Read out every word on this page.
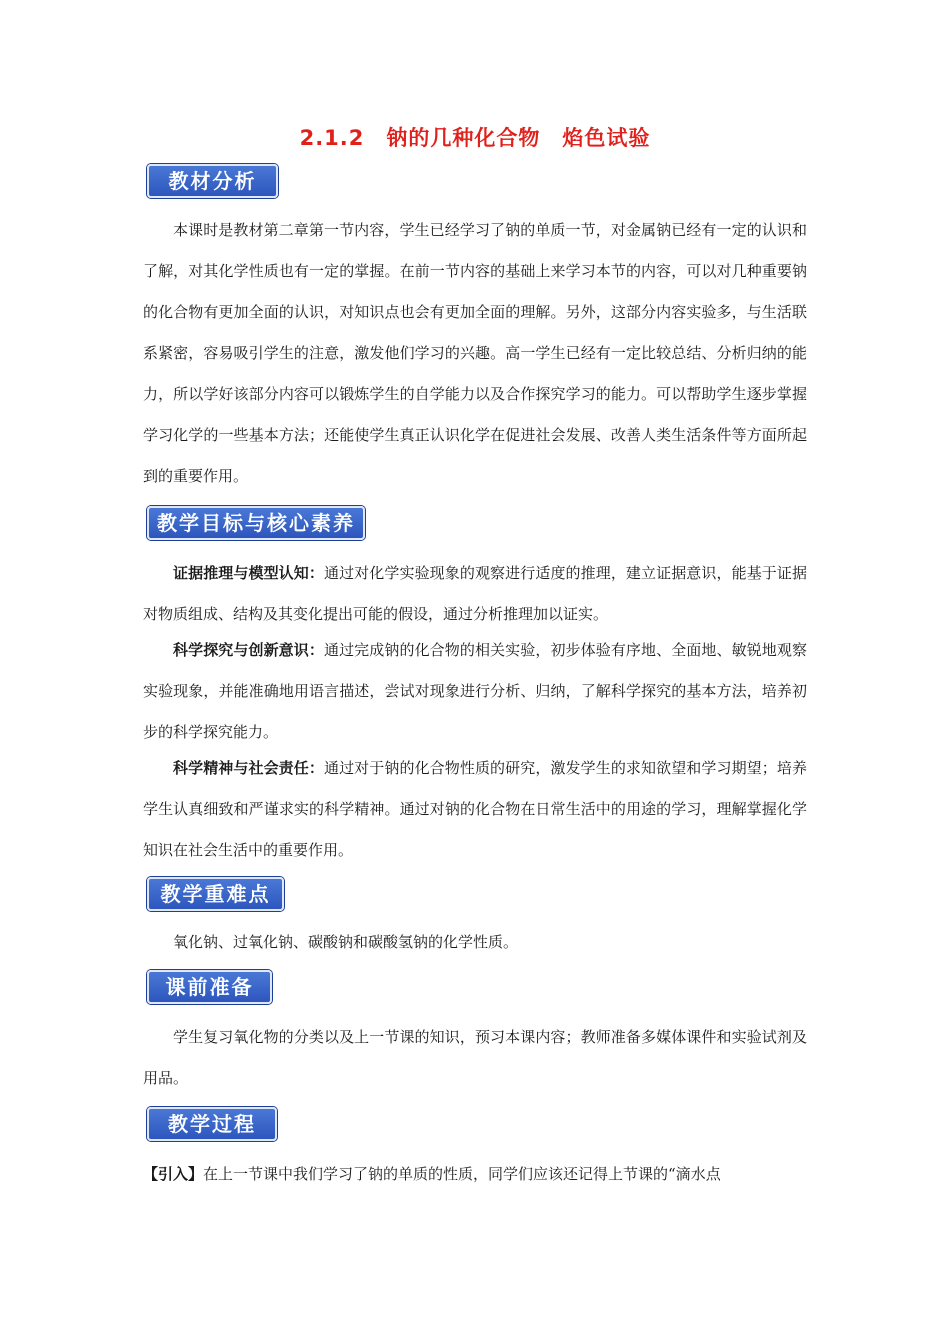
2.1.2　钠的几种化合物　焰色试验
教材分析

本课时是教材第二章第一节内容，学生已经学习了钠的单质一节，对金属钠已经有一定的认识和了解，对其化学性质也有一定的掌握。在前一节内容的基础上来学习本节的内容，可以对几种重要钠的化合物有更加全面的认识，对知识点也会有更加全面的理解。另外，这部分内容实验多，与生活联系紧密，容易吸引学生的注意，激发他们学习的兴趣。高一学生已经有一定比较总结、分析归纳的能力，所以学好该部分内容可以锻炼学生的自学能力以及合作探究学习的能力。可以帮助学生逐步掌握学习化学的一些基本方法；还能使学生真正认识化学在促进社会发展、改善人类生活条件等方面所起到的重要作用。

教学目标与核心素养

证据推理与模型认知：通过对化学实验现象的观察进行适度的推理，建立证据意识，能基于证据对物质组成、结构及其变化提出可能的假设，通过分析推理加以证实。

科学探究与创新意识：通过完成钠的化合物的相关实验，初步体验有序地、全面地、敏锐地观察实验现象，并能准确地用语言描述，尝试对现象进行分析、归纳，了解科学探究的基本方法，培养初步的科学探究能力。

科学精神与社会责任：通过对于钠的化合物性质的研究，激发学生的求知欲望和学习期望；培养学生认真细致和严谨求实的科学精神。通过对钠的化合物在日常生活中的用途的学习，理解掌握化学知识在社会生活中的重要作用。

教学重难点

氧化钠、过氧化钠、碳酸钠和碳酸氢钠的化学性质。

课前准备

学生复习氧化物的分类以及上一节课的知识，预习本课内容；教师准备多媒体课件和实验试剂及用品。

教学过程

【引入】在上一节课中我们学习了钠的单质的性质，同学们应该还记得上节课的“滴水点
